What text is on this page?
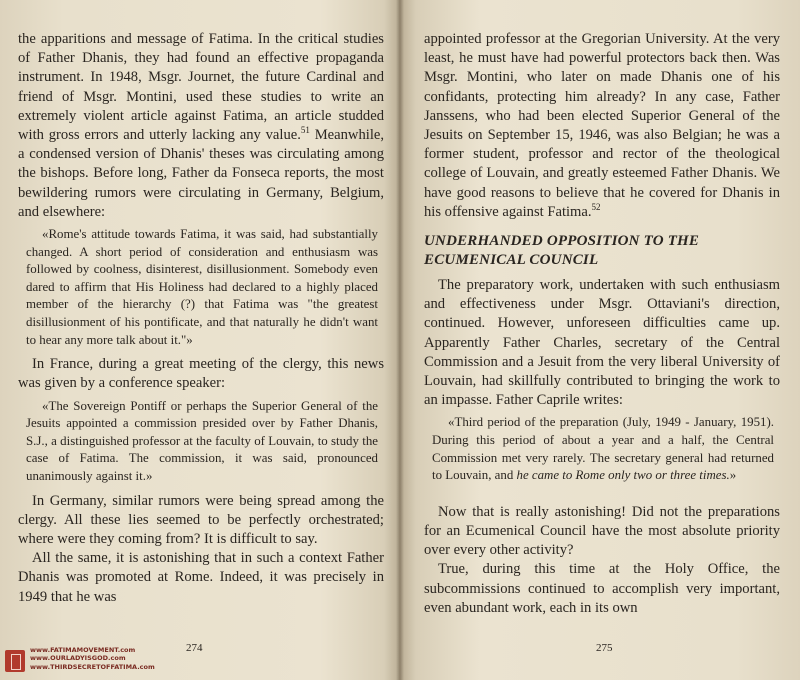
the apparitions and message of Fatima. In the critical studies of Father Dhanis, they had found an effective propaganda instrument. In 1948, Msgr. Journet, the future Cardinal and friend of Msgr. Montini, used these studies to write an extremely violent article against Fatima, an article studded with gross errors and utterly lacking any value.$^{51}$ Meanwhile, a condensed version of Dhanis' theses was circulating among the bishops. Before long, Father da Fonseca reports, the most bewildering rumors were circulating in Germany, Belgium, and elsewhere:

«Rome's attitude towards Fatima, it was said, had substantially changed. A short period of consideration and enthusiasm was followed by coolness, disinterest, disillusionment. Somebody even dared to affirm that His Holiness had declared to a highly placed member of the hierarchy (?) that Fatima was "the greatest disillusionment of his pontificate, and that naturally he didn't want to hear any more talk about it."»

In France, during a great meeting of the clergy, this news was given by a conference speaker:

«The Sovereign Pontiff or perhaps the Superior General of the Jesuits appointed a commission presided over by Father Dhanis, S.J., a distinguished professor at the faculty of Louvain, to study the case of Fatima. The commission, it was said, pronounced unanimously against it.»

In Germany, similar rumors were being spread among the clergy. All these lies seemed to be perfectly orchestrated; where were they coming from? It is difficult to say.

All the same, it is astonishing that in such a context Father Dhanis was promoted at Rome. Indeed, it was precisely in 1949 that he was

appointed professor at the Gregorian University. At the very least, he must have had powerful protectors back then. Was Msgr. Montini, who later on made Dhanis one of his confidants, protecting him already? In any case, Father Janssens, who had been elected Superior General of the Jesuits on September 15, 1946, was also Belgian; he was a former student, professor and rector of the theological college of Louvain, and greatly esteemed Father Dhanis. We have good reasons to believe that he covered for Dhanis in his offensive against Fatima.$^{52}$

UNDERHANDED OPPOSITION TO THE ECUMENICAL COUNCIL

The preparatory work, undertaken with such enthusiasm and effectiveness under Msgr. Ottaviani's direction, continued. However, unforeseen difficulties came up. Apparently Father Charles, secretary of the Central Commission and a Jesuit from the very liberal University of Louvain, had skillfully contributed to bringing the work to an impasse. Father Caprile writes:

«Third period of the preparation (July, 1949 - January, 1951). During this period of about a year and a half, the Central Commission met very rarely. The secretary general had returned to Louvain, and he came to Rome only two or three times.»

Now that is really astonishing! Did not the preparations for an Ecumenical Council have the most absolute priority over every other activity?

True, during this time at the Holy Office, the subcommissions continued to accomplish very important, even abundant work, each in its own

274	275
www.FATIMAMOVEMENT.com
www.OURLADYISGOD.com
www.THIRDSECRETOFFATIMA.com
